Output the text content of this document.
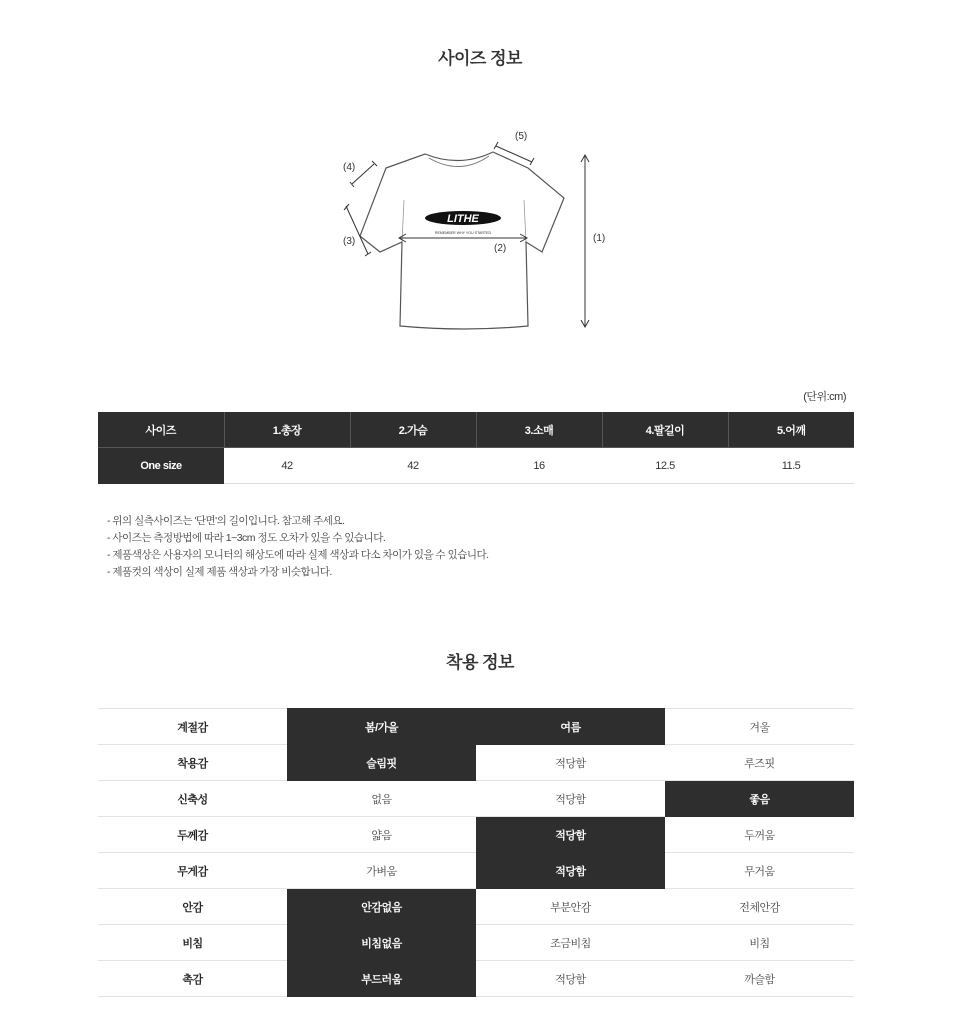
사이즈 정보
LITHE
REMEMBER WHY YOU STARTED	(1)
(2)
(3)
(4)
(5)
(단위:cm)
사이즈	1.총장	2.가슴	3.소매	4.팔길이	5.어깨
One size	42	42	16	12.5	11.5
- 위의 실측사이즈는 '단면'의 길이입니다. 참고해 주세요.
- 사이즈는 측정방법에 따라 1~3cm 정도 오차가 있을 수 있습니다.
- 제품색상은 사용자의 모니터의 해상도에 따라 실제 색상과 다소 차이가 있을 수 있습니다.
- 제품컷의 색상이 실제 제품 색상과 가장 비슷합니다.
착용 정보
계절감	봄/가을	여름	겨울
착용감	슬림핏	적당함	루즈핏
신축성	없음	적당함	좋음
두께감	얇음	적당함	두꺼움
무게감	가벼움	적당함	무거움
안감	안감없음	부분안감	전체안감
비침	비침없음	조금비침	비침
촉감	부드러움	적당함	까슬함
